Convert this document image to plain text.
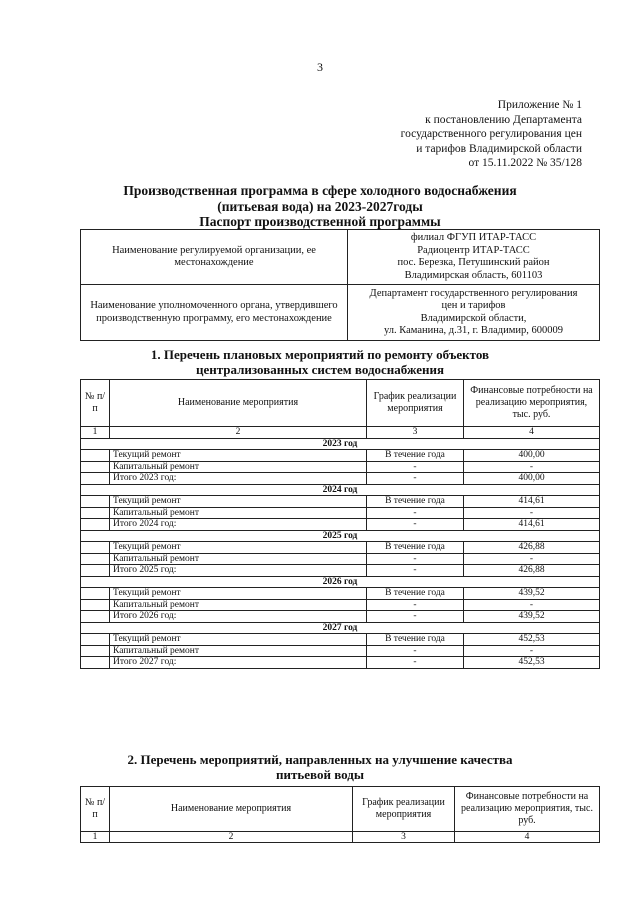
3
Приложение № 1
к постановлению Департамента
государственного регулирования цен
и тарифов Владимирской области
от 15.11.2022 № 35/128
Производственная программа в сфере холодного водоснабжения
(питьевая вода) на 2023-2027годы
Паспорт производственной программы
Наименование регулируемой организации, ее местонахождение	филиал ФГУП ИТАР-ТАСС
Радиоцентр ИТАР-ТАСС
пос. Березка, Петушинский район
Владимирская область, 601103

Наименование уполномоченного органа, утвердившего производственную программу, его местонахождение	Департамент государственного регулирования
цен и тарифов
Владимирской области,
ул. Каманина, д.31, г. Владимир, 600009
1. Перечень плановых мероприятий по ремонту объектов
централизованных систем водоснабжения
№ п/п	Наименование мероприятия	График реализации мероприятия	Финансовые потребности на реализацию мероприятия, тыс. руб.
1	2	3	4
2023 год			
	Текущий ремонт	В течение года	400,00
	Капитальный ремонт	-	-
	Итого 2023 год:	-	400,00
2024 год			
	Текущий ремонт	В течение года	414,61
	Капитальный ремонт	-	-
	Итого 2024 год:	-	414,61
2025 год			
	Текущий ремонт	В течение года	426,88
	Капитальный ремонт	-	-
	Итого 2025 год:	-	426,88
2026 год			
	Текущий ремонт	В течение года	439,52
	Капитальный ремонт	-	-
	Итого 2026 год:	-	439,52
2027 год			
	Текущий ремонт	В течение года	452,53
	Капитальный ремонт	-	-
	Итого 2027 год:	-	452,53
2. Перечень мероприятий, направленных на улучшение качества
питьевой воды
№ п/п	Наименование мероприятия	График реализации мероприятия	Финансовые потребности на реализацию мероприятия, тыс. руб.
1	2	3	4
